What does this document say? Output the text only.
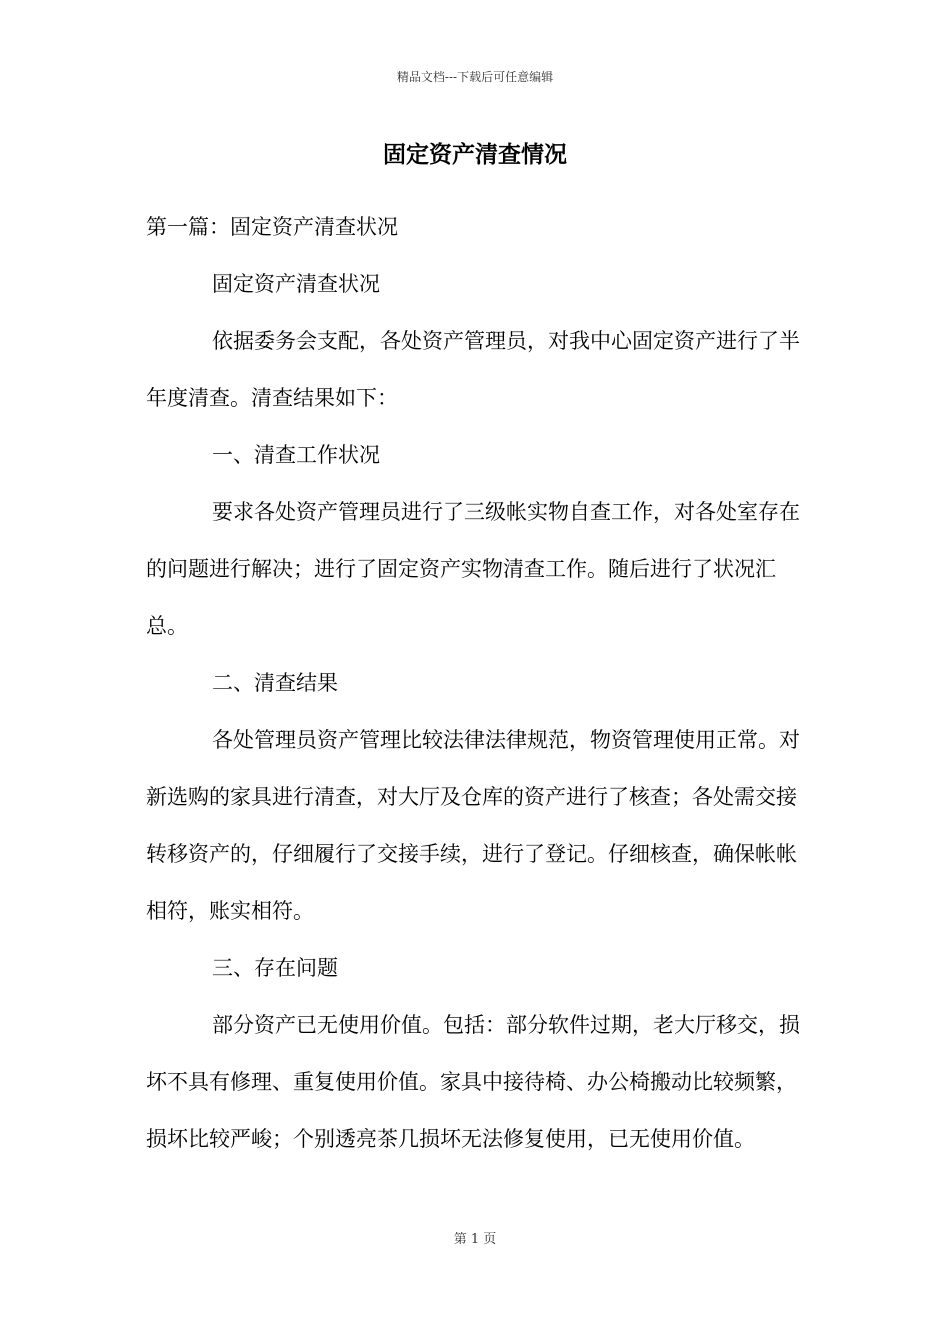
精品文档---下载后可任意编辑
固定资产清查情况

第一篇：固定资产清查状况

固定资产清查状况

依据委务会支配，各处资产管理员，对我中心固定资产进行了半年度清查。清查结果如下：

一、清查工作状况

要求各处资产管理员进行了三级帐实物自查工作，对各处室存在的问题进行解决；进行了固定资产实物清查工作。随后进行了状况汇总。

二、清查结果

各处管理员资产管理比较法律法律规范，物资管理使用正常。对新选购的家具进行清查，对大厅及仓库的资产进行了核查；各处需交接转移资产的，仔细履行了交接手续，进行了登记。仔细核查，确保帐帐相符，账实相符。

三、存在问题

部分资产已无使用价值。包括：部分软件过期，老大厅移交，损坏不具有修理、重复使用价值。家具中接待椅、办公椅搬动比较频繁，损坏比较严峻；个别透亮茶几损坏无法修复使用，已无使用价值。

第 1 页
